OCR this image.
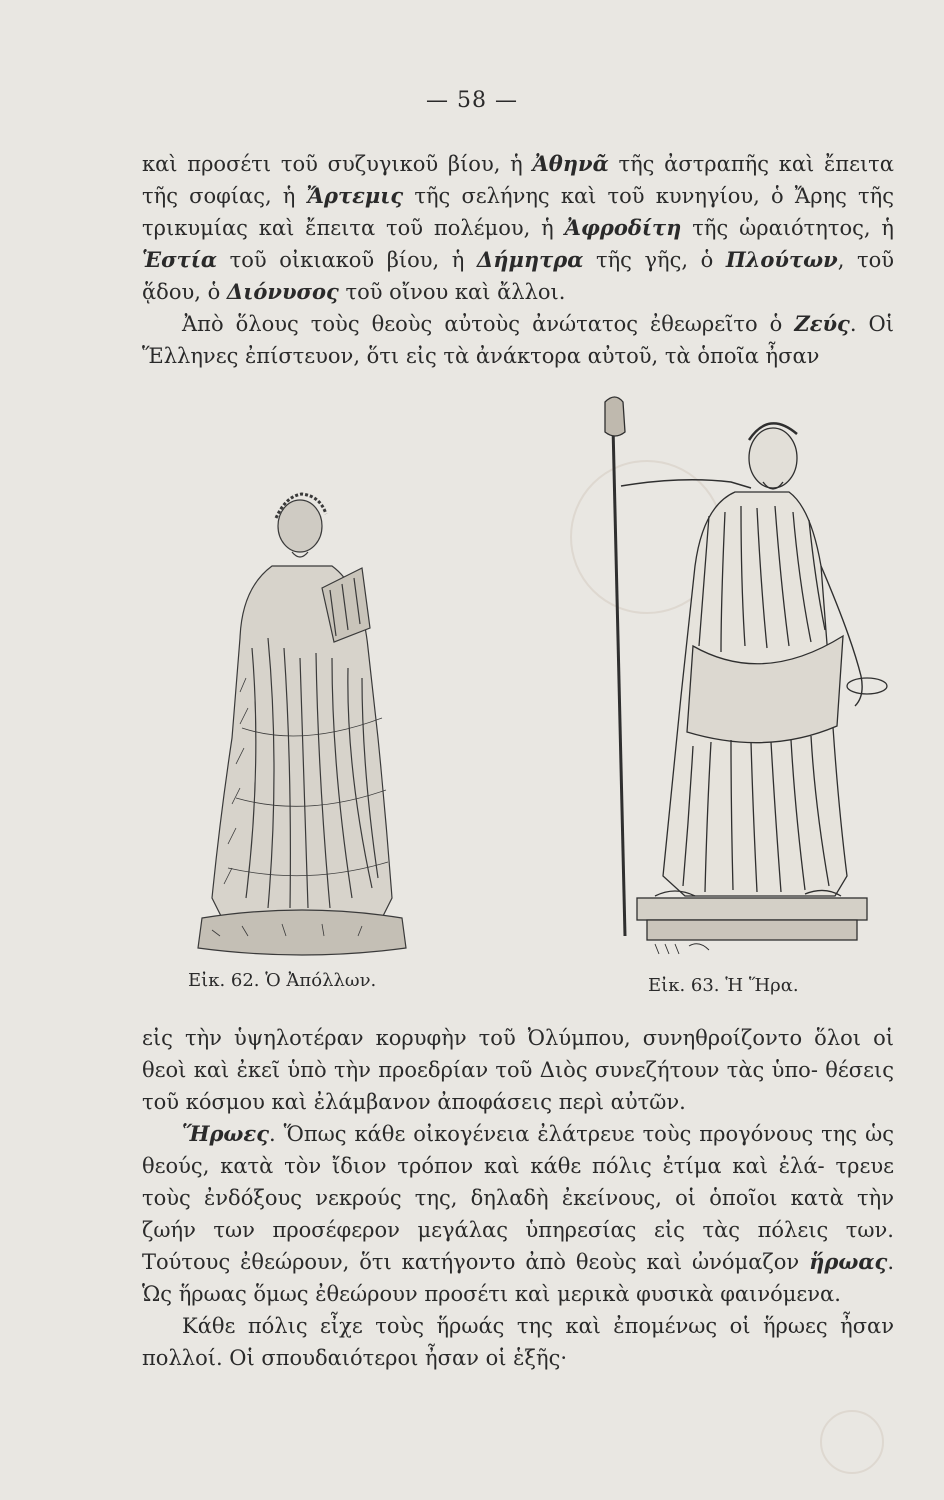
— 58 —

καὶ προσέτι τοῦ συζυγικοῦ βίου, ἡ Ἀθηνᾶ τῆς ἀστραπῆς καὶ ἔπειτα τῆς σοφίας, ἡ Ἄρτεμις τῆς σελήνης καὶ τοῦ κυνηγίου, ὁ Ἄρης τῆς τρικυμίας καὶ ἔπειτα τοῦ πολέμου, ἡ Ἀφροδίτη τῆς ὡραιότητος, ἡ Ἑστία τοῦ οἰκιακοῦ βίου, ἡ Δήμητρα τῆς γῆς, ὁ Πλούτων, τοῦ ᾅδου, ὁ Διόνυσος τοῦ οἴνου καὶ ἄλλοι.

Ἀπὸ ὅλους τοὺς θεοὺς αὐτοὺς ἀνώτατος ἐθεωρεῖτο ὁ Ζεύς. Οἱ Ἕλληνες ἐπίστευον, ὅτι εἰς τὰ ἀνάκτορα αὐτοῦ, τὰ ὁποῖα ἦσαν

Εἰκ. 62. Ὁ Ἀπόλλων.	Εἰκ. 63. Ἡ Ἥρα.

εἰς τὴν ὑψηλοτέραν κορυφὴν τοῦ Ὀλύμπου, συνηθροίζοντο ὅλοι οἱ θεοὶ καὶ ἐκεῖ ὑπὸ τὴν προεδρίαν τοῦ Διὸς συνεζήτουν τὰς ὑπο- θέσεις τοῦ κόσμου καὶ ἐλάμβανον ἀποφάσεις περὶ αὐτῶν.

Ἥρωες. Ὅπως κάθε οἰκογένεια ἐλάτρευε τοὺς προγόνους της ὡς θεούς, κατὰ τὸν ἴδιον τρόπον καὶ κάθε πόλις ἐτίμα καὶ ἐλά- τρευε τοὺς ἐνδόξους νεκρούς της, δηλαδὴ ἐκείνους, οἱ ὁποῖοι κατὰ τὴν ζωήν των προσέφερον μεγάλας ὑπηρεσίας εἰς τὰς πόλεις των. Τούτους ἐθεώρουν, ὅτι κατήγοντο ἀπὸ θεοὺς καὶ ὠνόμαζον ἥρωας. Ὡς ἥρωας ὅμως ἐθεώρουν προσέτι καὶ μερικὰ φυσικὰ φαινόμενα.

Κάθε πόλις εἶχε τοὺς ἥρωάς της καὶ ἐπομένως οἱ ἥρωες ἦσαν πολλοί. Οἱ σπουδαιότεροι ἦσαν οἱ ἑξῆς·
